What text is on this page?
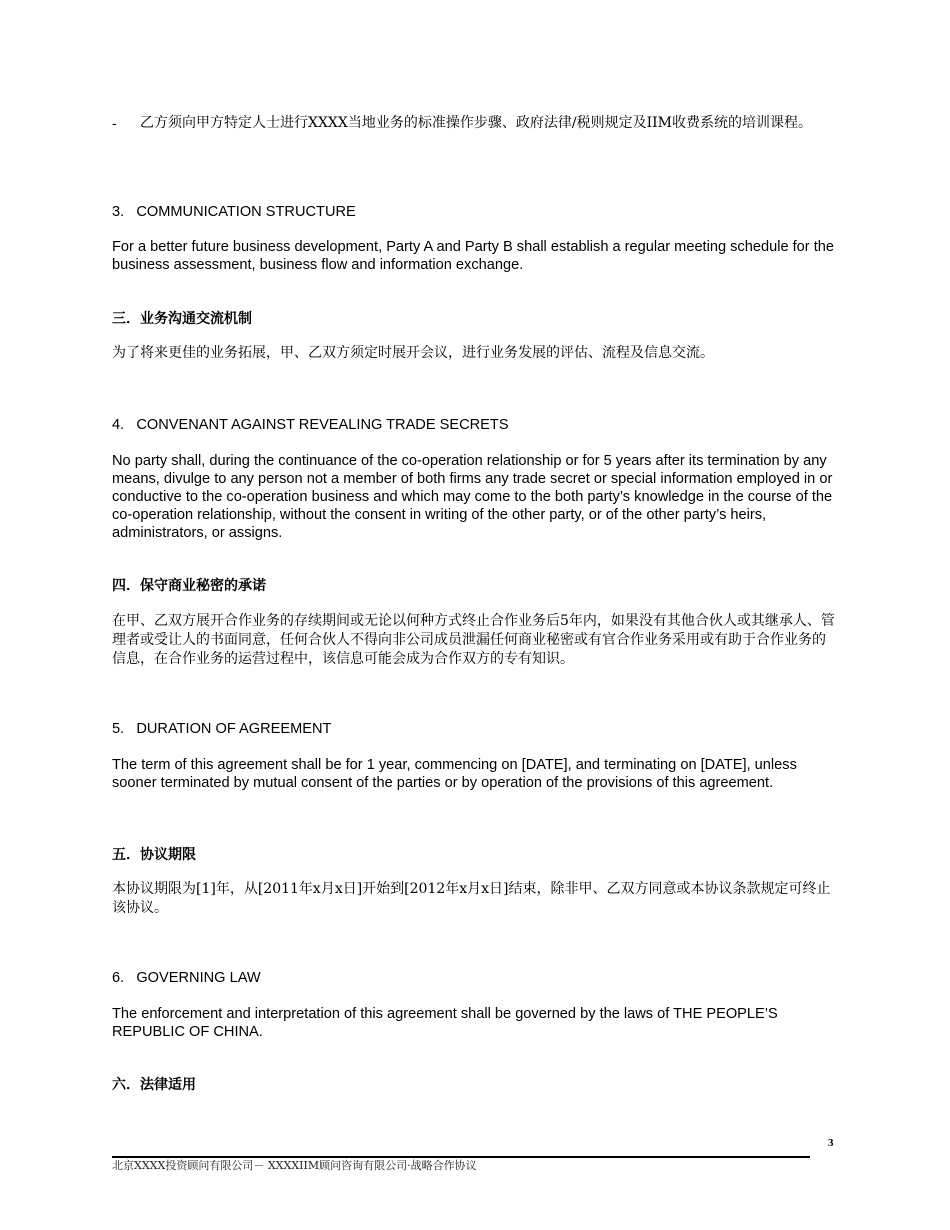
- 乙方须向甲方特定人士进行XXXX当地业务的标准操作步骤、政府法律/税则规定及IIM收费系统的培训课程。

3.   COMMUNICATION STRUCTURE

For a better future business development, Party A and Party B shall establish a regular meeting schedule for the business assessment, business flow and information exchange.

三．业务沟通交流机制

为了将来更佳的业务拓展，甲、乙双方须定时展开会议，进行业务发展的评估、流程及信息交流。

4.   CONVENANT AGAINST REVEALING TRADE SECRETS

No party shall, during the continuance of the co-operation relationship or for 5 years after its termination by any means, divulge to any person not a member of both firms any trade secret or special information employed in or conductive to the co-operation business and which may come to the both party’s knowledge in the course of the co-operation relationship, without the consent in writing of the other party, or of the other party’s heirs, administrators, or assigns.

四．保守商业秘密的承诺

在甲、乙双方展开合作业务的存续期间或无论以何种方式终止合作业务后5年内，如果没有其他合伙人或其继承人、管理者或受让人的书面同意，任何合伙人不得向非公司成员泄漏任何商业秘密或有官合作业务采用或有助于合作业务的信息，在合作业务的运营过程中，该信息可能会成为合作双方的专有知识。

5.   DURATION OF AGREEMENT

The term of this agreement shall be for 1 year, commencing on [DATE], and terminating on [DATE], unless sooner terminated by mutual consent of the parties or by operation of the provisions of this agreement.

五．协议期限

本协议期限为[1]年，从[2011年x月x日]开始到[2012年x月x日]结束，除非甲、乙双方同意或本协议条款规定可终止该协议。

6.   GOVERNING LAW

The enforcement and interpretation of this agreement shall be governed by the laws of THE PEOPLE’S REPUBLIC OF CHINA.

六．法律适用
3
北京XXXX投资顾问有限公司－ XXXXIIM顾问咨询有限公司·战略合作协议
